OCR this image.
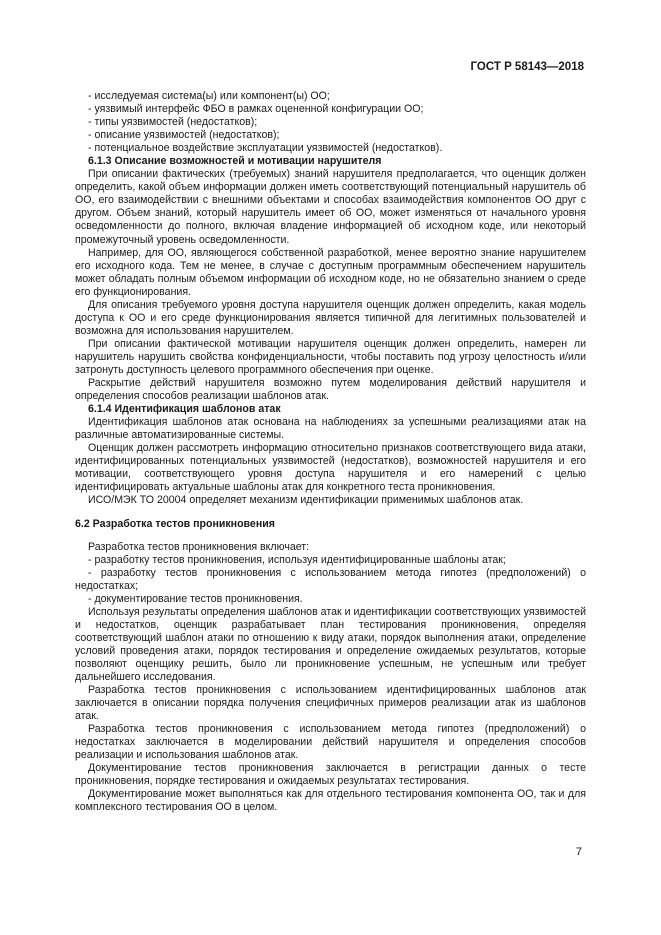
ГОСТ Р 58143—2018

- исследуемая система(ы) или компонент(ы) ОО;

- уязвимый интерфейс ФБО в рамках оцененной конфигурации ОО;

- типы уязвимостей (недостатков);

- описание уязвимостей (недостатков);

- потенциальное воздействие эксплуатации уязвимостей (недостатков).

6.1.3 Описание возможностей и мотивации нарушителя

При описании фактических (требуемых) знаний нарушителя предполагается, что оценщик должен определить, какой объем информации должен иметь соответствующий потенциальный нарушитель об ОО, его взаимодействии с внешними объектами и способах взаимодействия компонентов ОО друг с другом. Объем знаний, который нарушитель имеет об ОО, может изменяться от начального уровня осведомленности до полного, включая владение информацией об исходном коде, или некоторый промежуточный уровень осведомленности.

Например, для ОО, являющегося собственной разработкой, менее вероятно знание нарушителем его исходного кода. Тем не менее, в случае с доступным программным обеспечением нарушитель может обладать полным объемом информации об исходном коде, но не обязательно знанием о среде его функционирования.

Для описания требуемого уровня доступа нарушителя оценщик должен определить, какая модель доступа к ОО и его среде функционирования является типичной для легитимных пользователей и возможна для использования нарушителем.

При описании фактической мотивации нарушителя оценщик должен определить, намерен ли нарушитель нарушить свойства конфиденциальности, чтобы поставить под угрозу целостность и/или затронуть доступность целевого программного обеспечения при оценке.

Раскрытие действий нарушителя возможно путем моделирования действий нарушителя и определения способов реализации шаблонов атак.

6.1.4 Идентификация шаблонов атак

Идентификация шаблонов атак основана на наблюдениях за успешными реализациями атак на различные автоматизированные системы.

Оценщик должен рассмотреть информацию относительно признаков соответствующего вида атаки, идентифицированных потенциальных уязвимостей (недостатков), возможностей нарушителя и его мотивации, соответствующего уровня доступа нарушителя и его намерений с целью идентифицировать актуальные шаблоны атак для конкретного теста проникновения.

ИСО/МЭК ТО 20004 определяет механизм идентификации применимых шаблонов атак.

6.2 Разработка тестов проникновения

Разработка тестов проникновения включает:

- разработку тестов проникновения, используя идентифицированные шаблоны атак;

- разработку тестов проникновения с использованием метода гипотез (предположений) о недостатках;

- документирование тестов проникновения.

Используя результаты определения шаблонов атак и идентификации соответствующих уязвимостей и недостатков, оценщик разрабатывает план тестирования проникновения, определяя соответствующий шаблон атаки по отношению к виду атаки, порядок выполнения атаки, определение условий проведения атаки, порядок тестирования и определение ожидаемых результатов, которые позволяют оценщику решить, было ли проникновение успешным, не успешным или требует дальнейшего исследования.

Разработка тестов проникновения с использованием идентифицированных шаблонов атак заключается в описании порядка получения специфичных примеров реализации атак из шаблонов атак.

Разработка тестов проникновения с использованием метода гипотез (предположений) о недостатках заключается в моделировании действий нарушителя и определения способов реализации и использования шаблонов атак.

Документирование тестов проникновения заключается в регистрации данных о тесте проникновения, порядке тестирования и ожидаемых результатах тестирования.

Документирование может выполняться как для отдельного тестирования компонента ОО, так и для комплексного тестирования ОО в целом.

7
